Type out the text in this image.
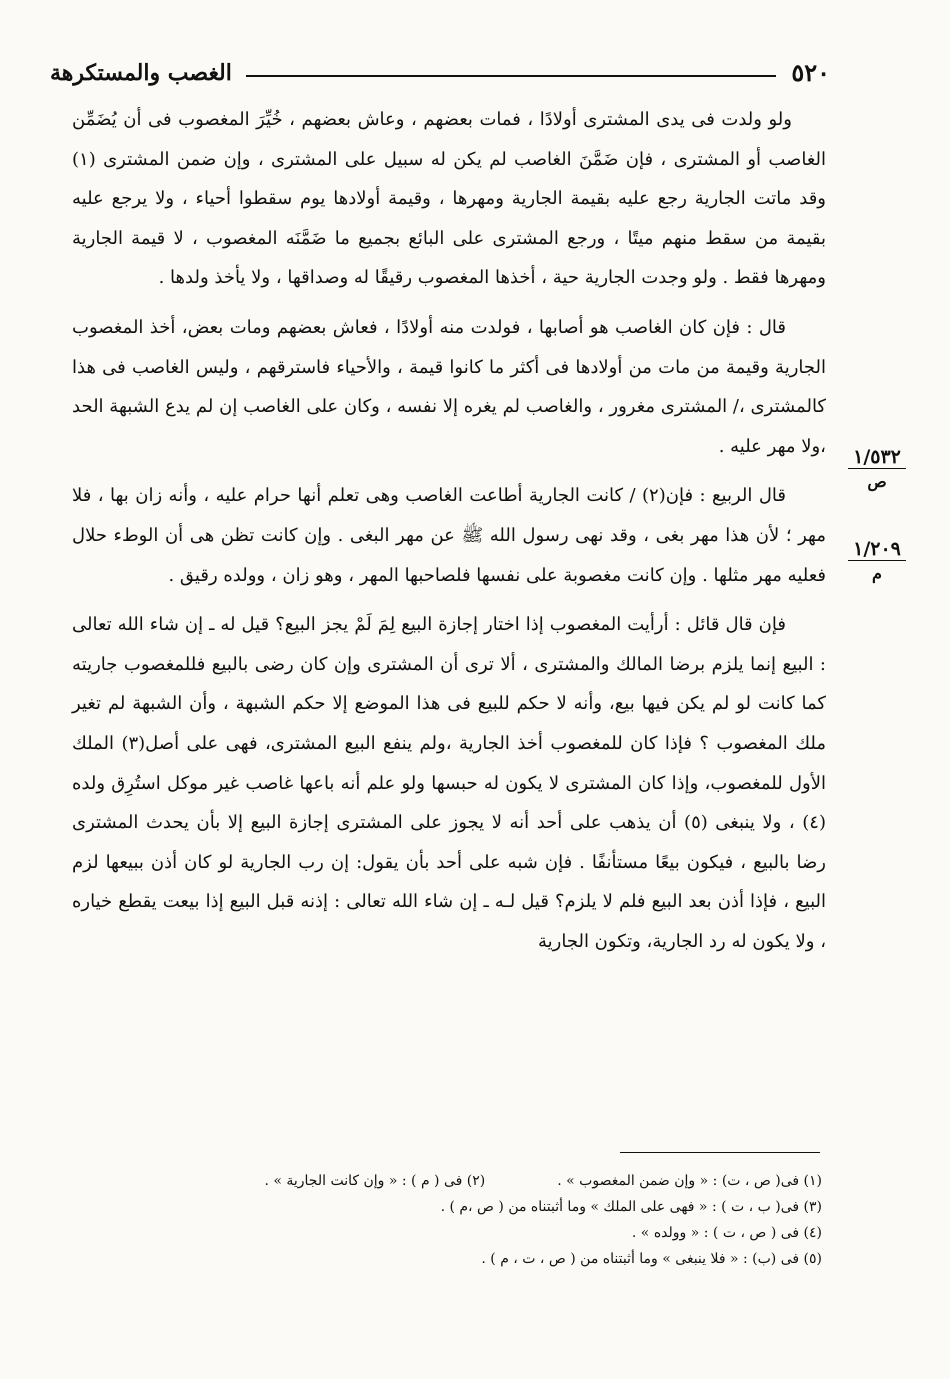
٥٢٠
الغصب والمستكرهة

ولو ولدت فى يدى المشترى أولادًا ، فمات بعضهم ، وعاش بعضهم ، خُيِّرَ المغصوب فى أن يُضَمِّن الغاصب أو المشترى ، فإن ضَمَّنَ الغاصب لم يكن له سبيل على المشترى ، وإن ضمن المشترى (١) وقد ماتت الجارية رجع عليه بقيمة الجارية ومهرها ، وقيمة أولادها يوم سقطوا أحياء ، ولا يرجع عليه بقيمة من سقط منهم ميتًا ، ورجع المشترى على البائع بجميع ما ضَمَّنَه المغصوب ، لا قيمة الجارية ومهرها فقط . ولو وجدت الجارية حية ، أخذها المغصوب رقيقًا له وصداقها ، ولا يأخذ ولدها .

قال : فإن كان الغاصب هو أصابها ، فولدت منه أولادًا ، فعاش بعضهم ومات بعض، أخذ المغصوب الجارية وقيمة من مات من أولادها فى أكثر ما كانوا قيمة ، والأحياء فاسترقهم ، وليس الغاصب فى هذا كالمشترى ،/ المشترى مغرور ، والغاصب لم يغره إلا نفسه ، وكان على الغاصب إن لم يدع الشبهة الحد ،ولا مهر عليه .

قال الربيع : فإن(٢) / كانت الجارية أطاعت الغاصب وهى تعلم أنها حرام عليه ، وأنه زان بها ، فلا مهر ؛ لأن هذا مهر بغى ، وقد نهى رسول الله ﷺ عن مهر البغى . وإن كانت تظن هى أن الوطء حلال فعليه مهر مثلها . وإن كانت مغصوبة على نفسها فلصاحبها المهر ، وهو زان ، وولده رقيق .

فإن قال قائل : أرأيت المغصوب إذا اختار إجازة البيع لِمَ لَمْ يجز البيع؟ قيل له ـ إن شاء الله تعالى : البيع إنما يلزم برضا المالك والمشترى ، ألا ترى أن المشترى وإن كان رضى بالبيع فللمغصوب جاريته كما كانت لو لم يكن فيها بيع، وأنه لا حكم للبيع فى هذا الموضع إلا حكم الشبهة ، وأن الشبهة لم تغير ملك المغصوب ؟ فإذا كان للمغصوب أخذ الجارية ،ولم ينفع البيع المشترى، فهى على أصل(٣) الملك الأول للمغصوب، وإذا كان المشترى لا يكون له حبسها ولو علم أنه باعها غاصب غير موكل استُرِق ولده (٤) ، ولا ينبغى (٥) أن يذهب على أحد أنه لا يجوز على المشترى إجازة البيع إلا بأن يحدث المشترى رضا بالبيع ، فيكون بيعًا مستأنفًا . فإن شبه على أحد بأن يقول: إن رب الجارية لو كان أذن ببيعها لزم البيع ، فإذا أذن بعد البيع فلم لا يلزم؟ قيل لـه ـ إن شاء الله تعالى : إذنه قبل البيع إذا بيعت يقطع خياره ، ولا يكون له رد الجارية، وتكون الجارية

١/٥٣٢
ص
١/٢٠٩
م
(١) فى( ص ، ت) : « وإن ضمن المغصوب » .
(٢) فى ( م ) : « وإن كانت الجارية » .
(٣) فى( ب ، ت ) : « فهى على الملك » وما أثبتناه من ( ص ،م ) .
(٤) فى ( ص ، ت ) : « وولده » .
(٥) فى (ب) : « فلا ينبغى » وما أثبتناه من ( ص ، ت ، م ) .
